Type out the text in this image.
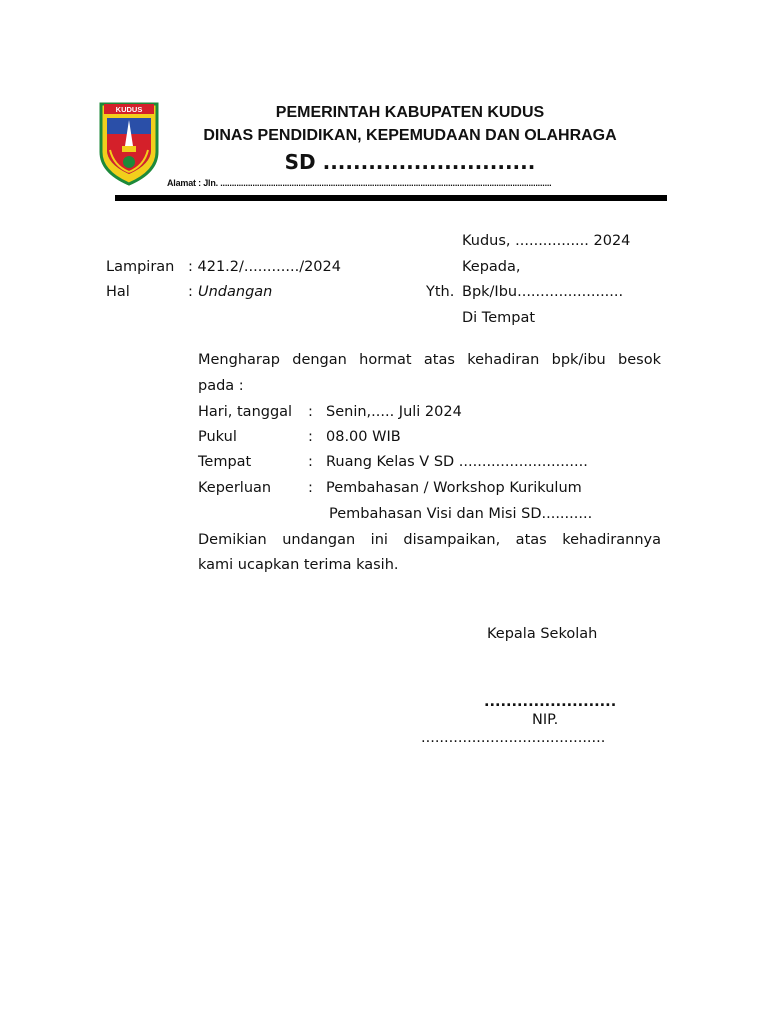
KUDUS	PEMERINTAH KABUPATEN KUDUS
DINAS PENDIDIKAN, KEPEMUDAAN DAN OLAHRAGA
SD ............................
Alamat : Jln. ................................................................................................................................................
Kudus, ................ 2024
Lampiran : 421.2/............/2024	Kepada,
Hal	: Undangan	Yth. Bpk/Ibu.......................
Di Tempat
Mengharap dengan hormat atas kehadiran bpk/ibu besok
pada :
Hari, tanggal : Senin,..... Juli 2024
Pukul	: 08.00 WIB
Tempat	: Ruang Kelas V SD ............................
Keperluan	: Pembahasan / Workshop Kurikulum
Pembahasan Visi dan Misi SD...........
Demikian undangan ini disampaikan, atas kehadirannya
kami ucapkan terima kasih.
Kepala Sekolah
........................
NIP.
........................................
